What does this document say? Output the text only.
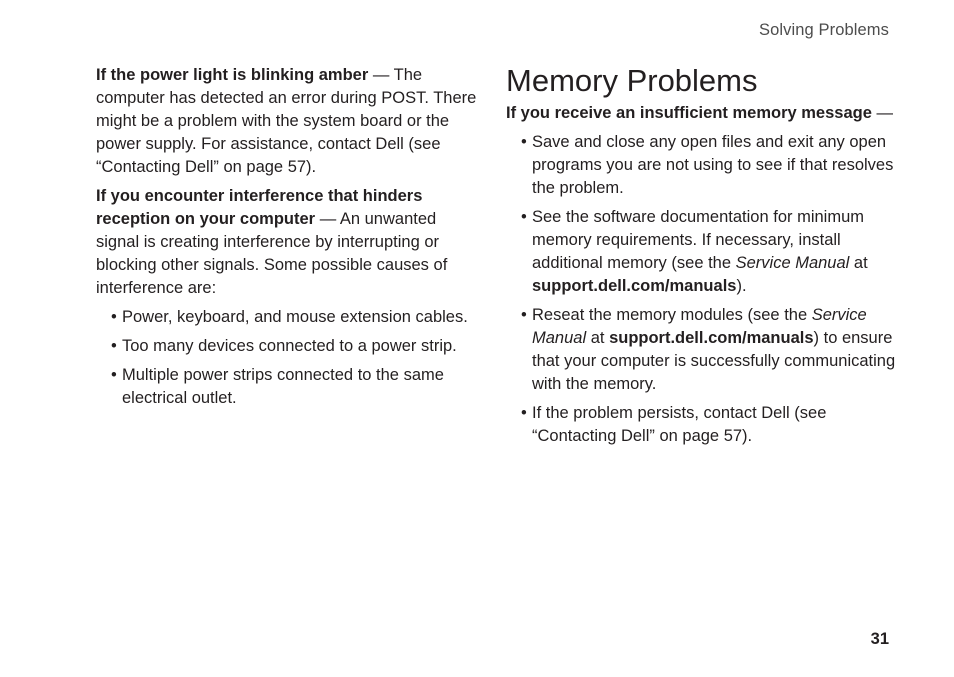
Solving Problems

If the power light is blinking amber — The computer has detected an error during POST. There might be a problem with the system board or the power supply. For assistance, contact Dell (see “Contacting Dell” on page 57).

If you encounter interference that hinders reception on your computer — An unwanted signal is creating interference by interrupting or blocking other signals. Some possible causes of interference are:

• Power, keyboard, and mouse extension cables.
• Too many devices connected to a power strip.
• Multiple power strips connected to the same electrical outlet.
Memory Problems

If you receive an insufficient memory message —

• Save and close any open files and exit any open programs you are not using to see if that resolves the problem.
• See the software documentation for minimum memory requirements. If necessary, install additional memory (see the Service Manual at support.dell.com/manuals).
• Reseat the memory modules (see the Service Manual at support.dell.com/manuals) to ensure that your computer is successfully communicating with the memory.
• If the problem persists, contact Dell (see “Contacting Dell” on page 57).
31
